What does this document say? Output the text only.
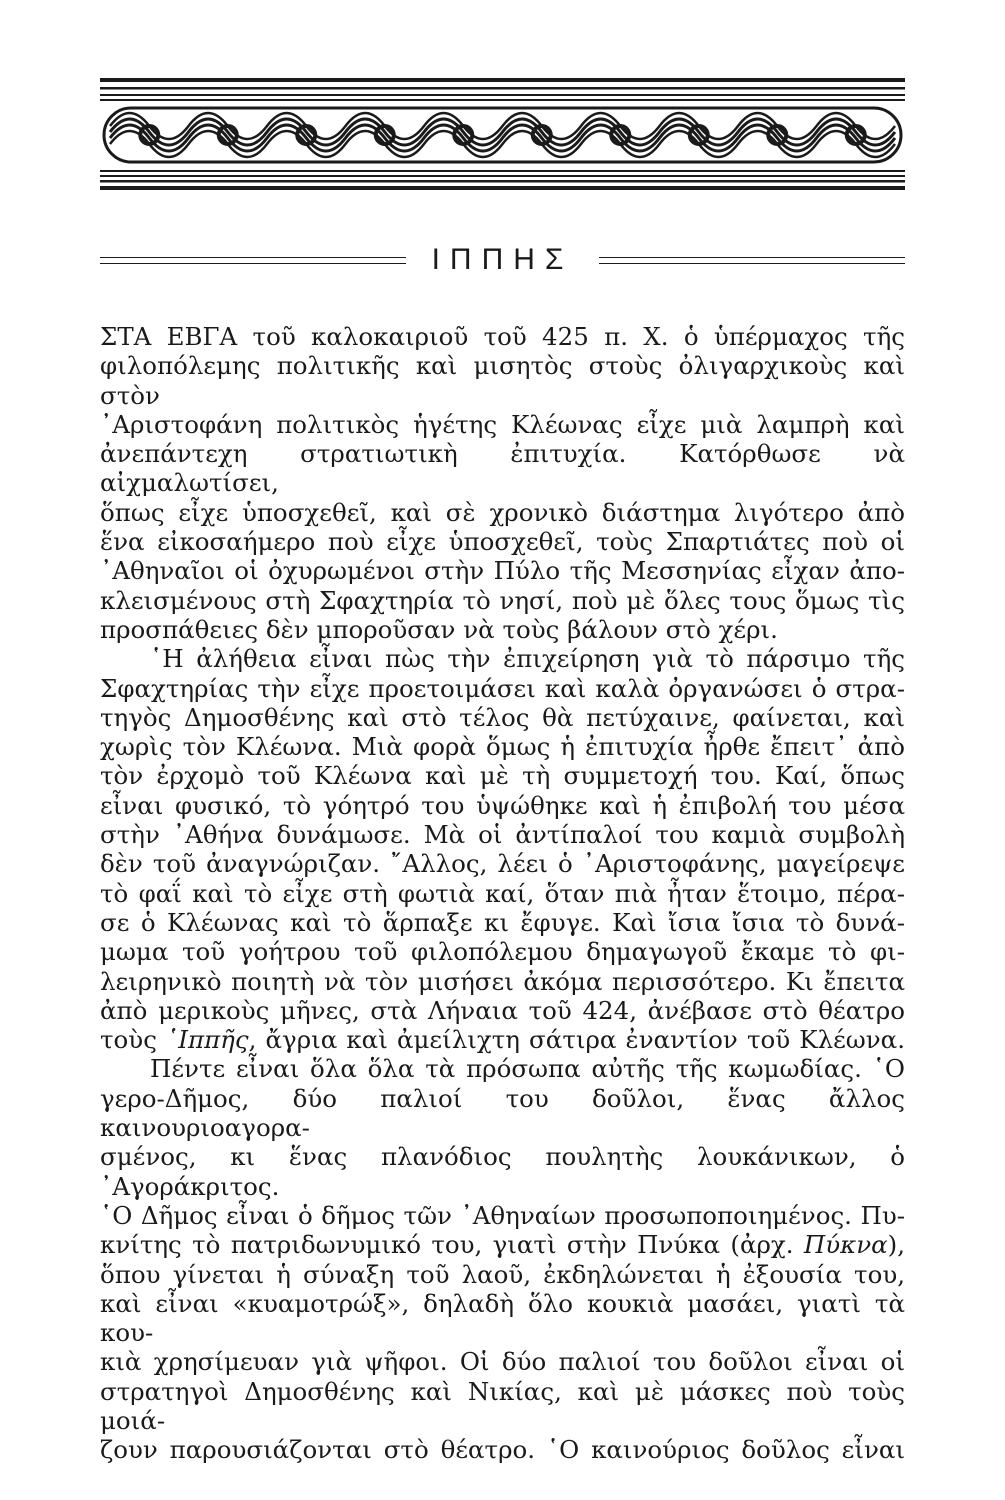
ΙΠΠΗΣ

ΣΤΑ ΕΒΓΑ τοῦ καλοκαιριοῦ τοῦ 425 π. Χ. ὁ ὑπέρμαχος τῆς

φιλοπόλεμης πολιτικῆς καὶ μισητὸς στοὺς ὀλιγαρχικοὺς καὶ στὸν

᾿Αριστοφάνη πολιτικὸς ἡγέτης Κλέωνας εἶχε μιὰ λαμπρὴ καὶ

ἀνεπάντεχη στρατιωτικὴ ἐπιτυχία. Κατόρθωσε νὰ αἰχμαλωτίσει,

ὅπως εἶχε ὑποσχεθεῖ, καὶ σὲ χρονικὸ διάστημα λιγότερο ἀπὸ

ἕνα εἰκοσαήμερο ποὺ εἶχε ὑποσχεθεῖ, τοὺς Σπαρτιάτες ποὺ οἱ

᾿Αθηναῖοι οἱ ὀχυρωμένοι στὴν Πύλο τῆς Μεσσηνίας εἶχαν ἀπο-

κλεισμένους στὴ Σφαχτηρία τὸ νησί, ποὺ μὲ ὅλες τους ὅμως τὶς

προσπάθειες δὲν μποροῦσαν νὰ τοὺς βάλουν στὸ χέρι.

῾Η ἀλήθεια εἶναι πὼς τὴν ἐπιχείρηση γιὰ τὸ πάρσιμο τῆς

Σφαχτηρίας τὴν εἶχε προετοιμάσει καὶ καλὰ ὀργανώσει ὁ στρα-

τηγὸς Δημοσθένης καὶ στὸ τέλος θὰ πετύχαινε, φαίνεται, καὶ

χωρὶς τὸν Κλέωνα. Μιὰ φορὰ ὅμως ἡ ἐπιτυχία ἦρθε ἔπειτ᾿ ἀπὸ

τὸν ἐρχομὸ τοῦ Κλέωνα καὶ μὲ τὴ συμμετοχή του. Καί, ὅπως

εἶναι φυσικό, τὸ γόητρό του ὑψώθηκε καὶ ἡ ἐπιβολή του μέσα

στὴν ᾿Αθήνα δυνάμωσε. Μὰ οἱ ἀντίπαλοί του καμιὰ συμβολὴ

δὲν τοῦ ἀναγνώριζαν. ῎Αλλος, λέει ὁ ᾿Αριστοφάνης, μαγείρεψε

τὸ φαΐ καὶ τὸ εἶχε στὴ φωτιὰ καί, ὅταν πιὰ ἦταν ἕτοιμο, πέρα-

σε ὁ Κλέωνας καὶ τὸ ἅρπαξε κι ἔφυγε. Καὶ ἴσια ἴσια τὸ δυνά-

μωμα τοῦ γοήτρου τοῦ φιλοπόλεμου δημαγωγοῦ ἔκαμε τὸ φι-

λειρηνικὸ ποιητὴ νὰ τὸν μισήσει ἀκόμα περισσότερο. Κι ἔπειτα

ἀπὸ μερικοὺς μῆνες, στὰ Λήναια τοῦ 424, ἀνέβασε στὸ θέατρο

τοὺς ῾Ιππῆς, ἄγρια καὶ ἀμείλιχτη σάτιρα ἐναντίον τοῦ Κλέωνα.

Πέντε εἶναι ὅλα ὅλα τὰ πρόσωπα αὐτῆς τῆς κωμωδίας. ῾Ο

γερο-Δῆμος, δύο παλιοί του δοῦλοι, ἕνας ἄλλος καινουριοαγορα-

σμένος, κι ἕνας πλανόδιος πουλητὴς λουκάνικων, ὁ ᾿Αγοράκριτος.

῾Ο Δῆμος εἶναι ὁ δῆμος τῶν ᾿Αθηναίων προσωποποιημένος. Πυ-

κνίτης τὸ πατριδωνυμικό του, γιατὶ στὴν Πνύκα (ἀρχ. Πύκνα),

ὅπου γίνεται ἡ σύναξη τοῦ λαοῦ, ἐκδηλώνεται ἡ ἐξουσία του,

καὶ εἶναι «κυαμοτρώξ», δηλαδὴ ὅλο κουκιὰ μασάει, γιατὶ τὰ κου-

κιὰ χρησίμευαν γιὰ ψῆφοι. Οἱ δύο παλιοί του δοῦλοι εἶναι οἱ

στρατηγοὶ Δημοσθένης καὶ Νικίας, καὶ μὲ μάσκες ποὺ τοὺς μοιά-

ζουν παρουσιάζονται στὸ θέατρο. ῾Ο καινούριος δοῦλος εἶναι
